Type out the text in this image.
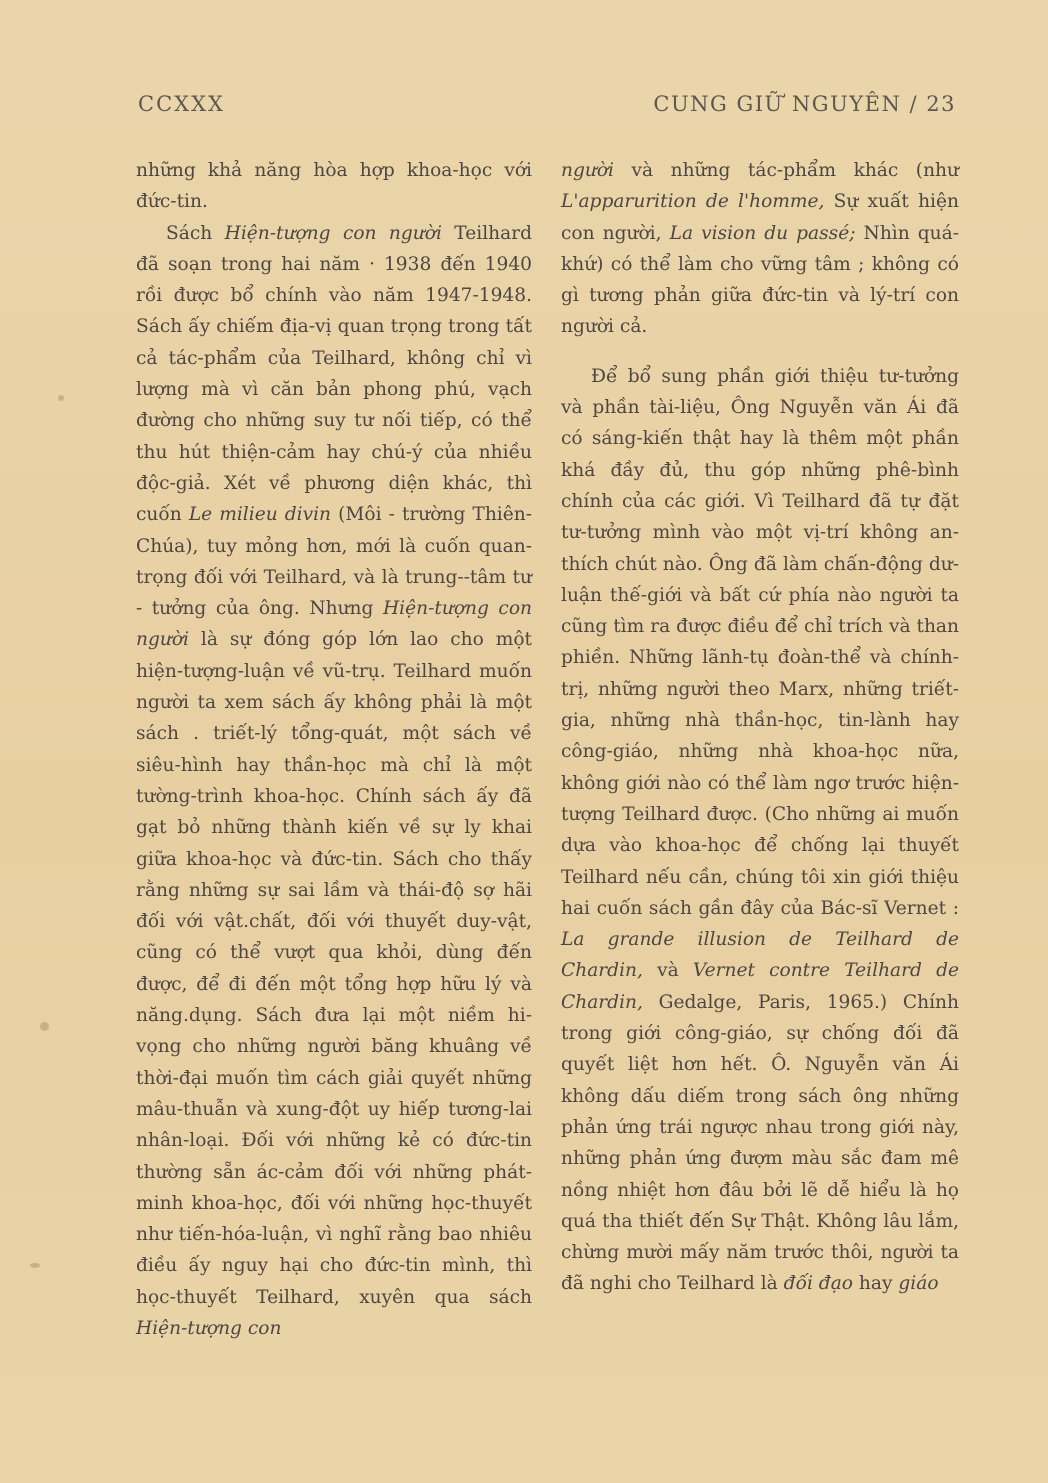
CCXXX	CUNG GIỮ NGUYÊN / 23

những khả năng hòa hợp khoa-học với đức-tin.

Sách Hiện-tượng con người Teilhard đã soạn trong hai năm · 1938 đến 1940 rồi được bổ chính vào năm 1947-1948. Sách ấy chiếm địa-vị quan trọng trong tất cả tác-phẩm của Teilhard, không chỉ vì lượng mà vì căn bản phong phú, vạch đường cho những suy tư nối tiếp, có thể thu hút thiện-cảm hay chú-ý của nhiều độc-giả. Xét về phương diện khác, thì cuốn Le milieu divin (Môi - trường Thiên-Chúa), tuy mỏng hơn, mới là cuốn quan-trọng đối với Teilhard, và là trung--tâm tư - tưởng của ông. Nhưng Hiện-tượng con người là sự đóng góp lớn lao cho một hiện-tượng-luận về vũ-trụ. Teilhard muốn người ta xem sách ấy không phải là một sách . triết-lý tổng-quát, một sách về siêu-hình hay thần-học mà chỉ là một tường-trình khoa-học. Chính sách ấy đã gạt bỏ những thành kiến về sự ly khai giữa khoa-học và đức-tin. Sách cho thấy rằng những sự sai lầm và thái-độ sợ hãi đối với vật.chất, đối với thuyết duy-vật, cũng có thể vượt qua khỏi, dùng đến được, để đi đến một tổng hợp hữu lý và năng.dụng. Sách đưa lại một niềm hi-vọng cho những người băng khuâng về thời-đại muốn tìm cách giải quyết những mâu-thuẫn và xung-đột uy hiếp tương-lai nhân-loại. Đối với những kẻ có đức-tin thường sẵn ác-cảm đối với những phát-minh khoa-học, đối với những học-thuyết như tiến-hóa-luận, vì nghĩ rằng bao nhiêu điều ấy nguy hại cho đức-tin mình, thì học-thuyết Teilhard, xuyên qua sách Hiện-tượng con

người và những tác-phẩm khác (như L'apparurition de l'homme, Sự xuất hiện con người, La vision du passé; Nhìn quá-khứ) có thể làm cho vững tâm ; không có gì tương phản giữa đức-tin và lý-trí con người cả.

Để bổ sung phần giới thiệu tư-tưởng và phần tài-liệu, Ông Nguyễn văn Ái đã có sáng-kiến thật hay là thêm một phần khá đầy đủ, thu góp những phê-bình chính của các giới. Vì Teilhard đã tự đặt tư-tưởng mình vào một vị-trí không an-thích chút nào. Ông đã làm chấn-động dư-luận thế-giới và bất cứ phía nào người ta cũng tìm ra được điều để chỉ trích và than phiền. Những lãnh-tụ đoàn-thể và chính-trị, những người theo Marx, những triết-gia, những nhà thần-học, tin-lành hay công-giáo, những nhà khoa-học nữa, không giới nào có thể làm ngơ trước hiện-tượng Teilhard được. (Cho những ai muốn dựa vào khoa-học để chống lại thuyết Teilhard nếu cần, chúng tôi xin giới thiệu hai cuốn sách gần đây của Bác-sĩ Vernet : La grande illusion de Teilhard de Chardin, và Vernet contre Teilhard de Chardin, Gedalge, Paris, 1965.) Chính trong giới công-giáo, sự chống đối đã quyết liệt hơn hết. Ô. Nguyễn văn Ái không dấu diếm trong sách ông những phản ứng trái ngược nhau trong giới này, những phản ứng đượm màu sắc đam mê nồng nhiệt hơn đâu bởi lẽ dễ hiểu là họ quá tha thiết đến Sự Thật. Không lâu lắm, chừng mười mấy năm trước thôi, người ta đã nghi cho Teilhard là đối đạo hay giáo
